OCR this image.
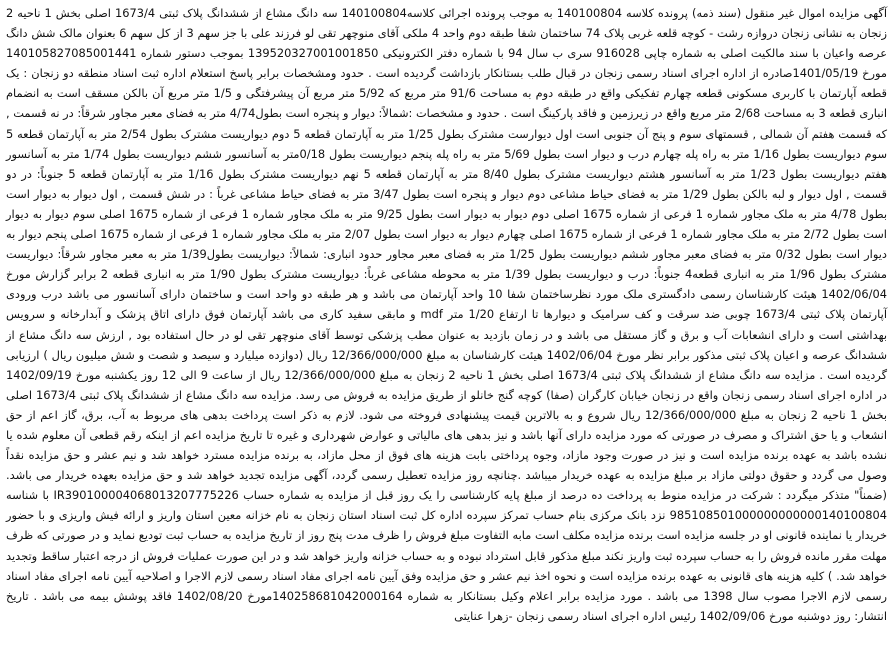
آگهی مزایده اموال غیر منقول (سند ذمه) پرونده کلاسه 140100804 به موجب پرونده اجرائی کلاسه140100804 سه دانگ مشاع از ششدانگ پلاک ثبتی 1673/4 اصلی بخش 1 ناحیه 2 زنجان به نشانی زنجان دروازه رشت - کوچه قلعه غربی پلاک 74 ساختمان شفا طبقه دوم واحد 4 ملکی آقای منوچهر تقی لو فرزند علی با جز سهم 3 از کل سهم 6 بعنوان مالک شش دانگ عرصه واعیان با سند مالکیت اصلی به شماره چاپی 916028 سری ب سال 94 با شماره دفتر الکترونیکی 139520327001001850 بموجب دستور شماره 140105827085001441 مورخ 1401/05/19صادره از اداره اجرای اسناد رسمی زنجان در قبال طلب بستانکار بازداشت گردیده است . حدود ومشخصات برابر پاسخ استعلام اداره ثبت اسناد منطقه دو زنجان : یک قطعه آپارتمان با کاربری مسکونی قطعه چهارم تفکیکی واقع در طبقه دوم به مساحت 91/6 متر مربع که 5/92 متر مربع آن پیشرفتگی و 1/5 متر مربع آن بالکن مسقف است به انضمام انباری قطعه 3 به مساحت 2/68 متر مربع واقع در زیرزمین و فاقد پارکینگ است . حدود و مشخصات :شمالاً: دیوار و پنجره است بطول4/74 متر به فضای معبر مجاور شرقاً: در نه قسمت , که قسمت هفتم آن شمالی , قسمتهای سوم و پنج آن جنوبی است اول دیوارست مشترک بطول 1/25 متر به آپارتمان قطعه 5 دوم دیواریست مشترک بطول 2/54 متر به آپارتمان قطعه 5 سوم دیواریست بطول 1/16 متر به راه پله چهارم درب و دیوار است بطول 5/69 متر به راه پله پنجم دیواریست بطول 0/18متر به آسانسور ششم دیواریست بطول 1/74 متر به آسانسور هفتم دیواریست بطول 1/23 متر به آسانسور هشتم دیواریست مشترک بطول 8/40 متر به آپارتمان قطعه 5 نهم دیواریست مشترک بطول 1/16 متر به آپارتمان قطعه 5 جنوباً: در دو قسمت , اول دیوار و لبه بالکن بطول 1/29 متر به فضای حیاط مشاعی دوم دیوار و پنجره است بطول 3/47 متر به فضای حیاط مشاعی غرباً : در شش قسمت , اول دیوار به دیوار است بطول 4/78 متر به ملک مجاور شماره 1 فرعی از شماره 1675 اصلی دوم دیوار به دیوار است بطول 9/25 متر به ملک مجاور شماره 1 فرعی از شماره 1675 اصلی سوم دیوار به دیوار است بطول 2/72 متر به ملک مجاور شماره 1 فرعی از شماره 1675 اصلی چهارم دیوار به دیوار است بطول 2/07 متر به ملک مجاور شماره 1 فرعی از شماره 1675 اصلی پنجم دیوار به دیوار است بطول 0/32 متر به فضای معبر مجاور ششم دیواریست بطول 1/25 متر به فضای معبر مجاور حدود انباری: شمالاً: دیواریست بطول1/39 متر به معبر مجاور شرقاً: دیواریست مشترک بطول 1/96 متر به انباری قطعه4 جنوباً: درب و دیواریست بطول 1/39 متر به محوطه مشاعی غرباً: دیواریست مشترک بطول 1/90 متر به انباری قطعه 2 برابر گزارش مورخ 1402/06/04 هیئت کارشناسان رسمی دادگستری ملک مورد نظرساختمان شفا 10 واحد آپارتمان می باشد و هر طبقه دو واحد است و ساختمان دارای آسانسور می باشد درب ورودی آپارتمان پلاک ثبتی 1673/4 چوبی ضد سرقت و کف سرامیک و دیوارها تا ارتفاع 1/20 متر mdf و مابقی سفید کاری می باشد آپارتمان فوق دارای اتاق پزشک و آبدارخانه و سرویس بهداشتی است و دارای انشعابات آب و برق و گاز مستقل می باشد و در زمان بازدید به عنوان مطب پزشکی توسط آقای منوچهر تقی لو در حال استفاده بود , ارزش سه دانگ مشاع از ششدانگ عرصه و اعیان پلاک ثبتی مذکور برابر نظر مورخ 1402/06/04 هیئت کارشناسان به مبلغ 12/366/000/000 ریال (دوازده میلیارد و سیصد و شصت و شش میلیون ریال ) ارزیابی گردیده است . مزایده سه دانگ مشاع از ششدانگ پلاک ثبتی 1673/4 اصلی بخش 1 ناحیه 2 زنجان به مبلغ 12/366/000/000 ریال از ساعت 9 الی 12 روز یکشنبه مورخ 1402/09/19 در اداره اجرای اسناد رسمی زنجان واقع در زنجان خیابان کارگران (صفا) کوچه گنج خانلو از طریق مزایده به فروش می رسد. مزایده سه دانگ مشاع از ششدانگ پلاک ثبتی 1673/4 اصلی بخش 1 ناحیه 2 زنجان به مبلغ 12/366/000/000 ریال شروع و به بالاترین قیمت پیشنهادی فروخته می شود. لازم به ذکر است پرداخت بدهی های مربوط به آب، برق، گاز اعم از حق انشعاب و یا حق اشتراک و مصرف در صورتی که مورد مزایده دارای آنها باشد و نیز بدهی های مالیاتی و عوارض شهرداری و غیره تا تاریخ مزایده اعم از اینکه رقم قطعی آن معلوم شده یا نشده باشد به عهده برنده مزایده است و نیز در صورت وجود مازاد، وجوه پرداختی بابت هزینه های فوق از محل مازاد، به برنده مزایده مسترد خواهد شد و نیم عشر و حق مزایده نقداً وصول می گردد و حقوق دولتی مازاد بر مبلغ مزایده به عهده خریدار میباشد .چنانچه روز مزایده تعطیل رسمی گردد، آگهی مزایده تجدید خواهد شد و حق مزایده بعهده خریدار می باشد. (ضمناً" متذکر میگردد : شرکت در مزایده منوط به پرداخت ده درصد از مبلغ پایه کارشناسی را یک روز قبل از مزایده به شماره حساب IR390100004068013207775226 با شناسه 985108501000000000000140100804 نزد بانک مرکزی بنام حساب تمرکز سپرده اداره کل ثبت اسناد استان زنجان به نام خزانه معین استان واریز و ارائه فیش واریزی و با حضور خریدار یا نماینده قانونی او در جلسه مزایده است برنده مزایده مکلف است مابه التفاوت مبلغ فروش را ظرف مدت پنج روز از تاریخ مزایده به حساب ثبت تودیع نماید و در صورتی که ظرف مهلت مقرر مانده فروش را به حساب سپرده ثبت واریز نکند مبلغ مذکور قابل استرداد نبوده و به حساب خزانه واریز خواهد شد و در این صورت عملیات فروش از درجه اعتبار ساقط وتجدید خواهد شد. ) کلیه هزینه های قانونی به عهده برنده مزایده است و نحوه اخذ نیم عشر و حق مزایده وفق آیین نامه اجرای مفاد اسناد رسمی لازم الاجرا و اصلاحیه آیین نامه اجرای مفاد اسناد رسمی لازم الاجرا مصوب سال 1398 می باشد . مورد مزایده برابر اعلام وکیل بستانکار به شماره 140258681042000164مورخ 1402/08/20 فاقد پوشش بیمه می باشد . تاریخ انتشار: روز دوشنبه مورخ 1402/09/06 رئیس اداره اجرای اسناد رسمی زنجان -زهرا عنایتی
